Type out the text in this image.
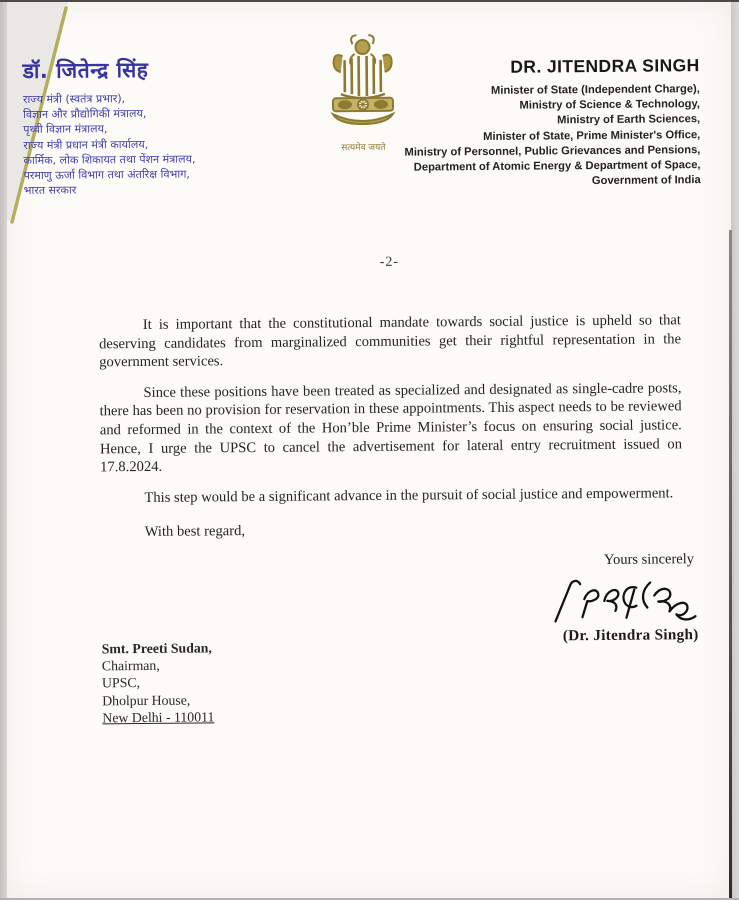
डॉ. जितेन्द्र सिंह
राज्य मंत्री (स्वतंत्र प्रभार),
विज्ञान और प्रौद्योगिकी मंत्रालय,
पृथ्वी विज्ञान मंत्रालय,
राज्य मंत्री प्रधान मंत्री कार्यालय,
कार्मिक, लोक शिकायत तथा पेंशन मंत्रालय,
परमाणु ऊर्जा विभाग तथा अंतरिक्ष विभाग,
भारत सरकार
सत्यमेव जयते
DR. JITENDRA SINGH
Minister of State (Independent Charge),
Ministry of Science & Technology,
Ministry of Earth Sciences,
Minister of State, Prime Minister's Office,
Ministry of Personnel, Public Grievances and Pensions,
Department of Atomic Energy & Department of Space,
Government of India
-2-

It is important that the constitutional mandate towards social justice is upheld so that deserving candidates from marginalized communities get their rightful representation in the government services.

Since these positions have been treated as specialized and designated as single-cadre posts, there has been no provision for reservation in these appointments. This aspect needs to be reviewed and reformed in the context of the Hon’ble Prime Minister’s focus on ensuring social justice. Hence, I urge the UPSC to cancel the advertisement for lateral entry recruitment issued on 17.8.2024.

This step would be a significant advance in the pursuit of social justice and empowerment.

With best regard,
Yours sincerely
(Dr. Jitendra Singh)
Smt. Preeti Sudan,
Chairman,
UPSC,
Dholpur House,
New Delhi - 110011
